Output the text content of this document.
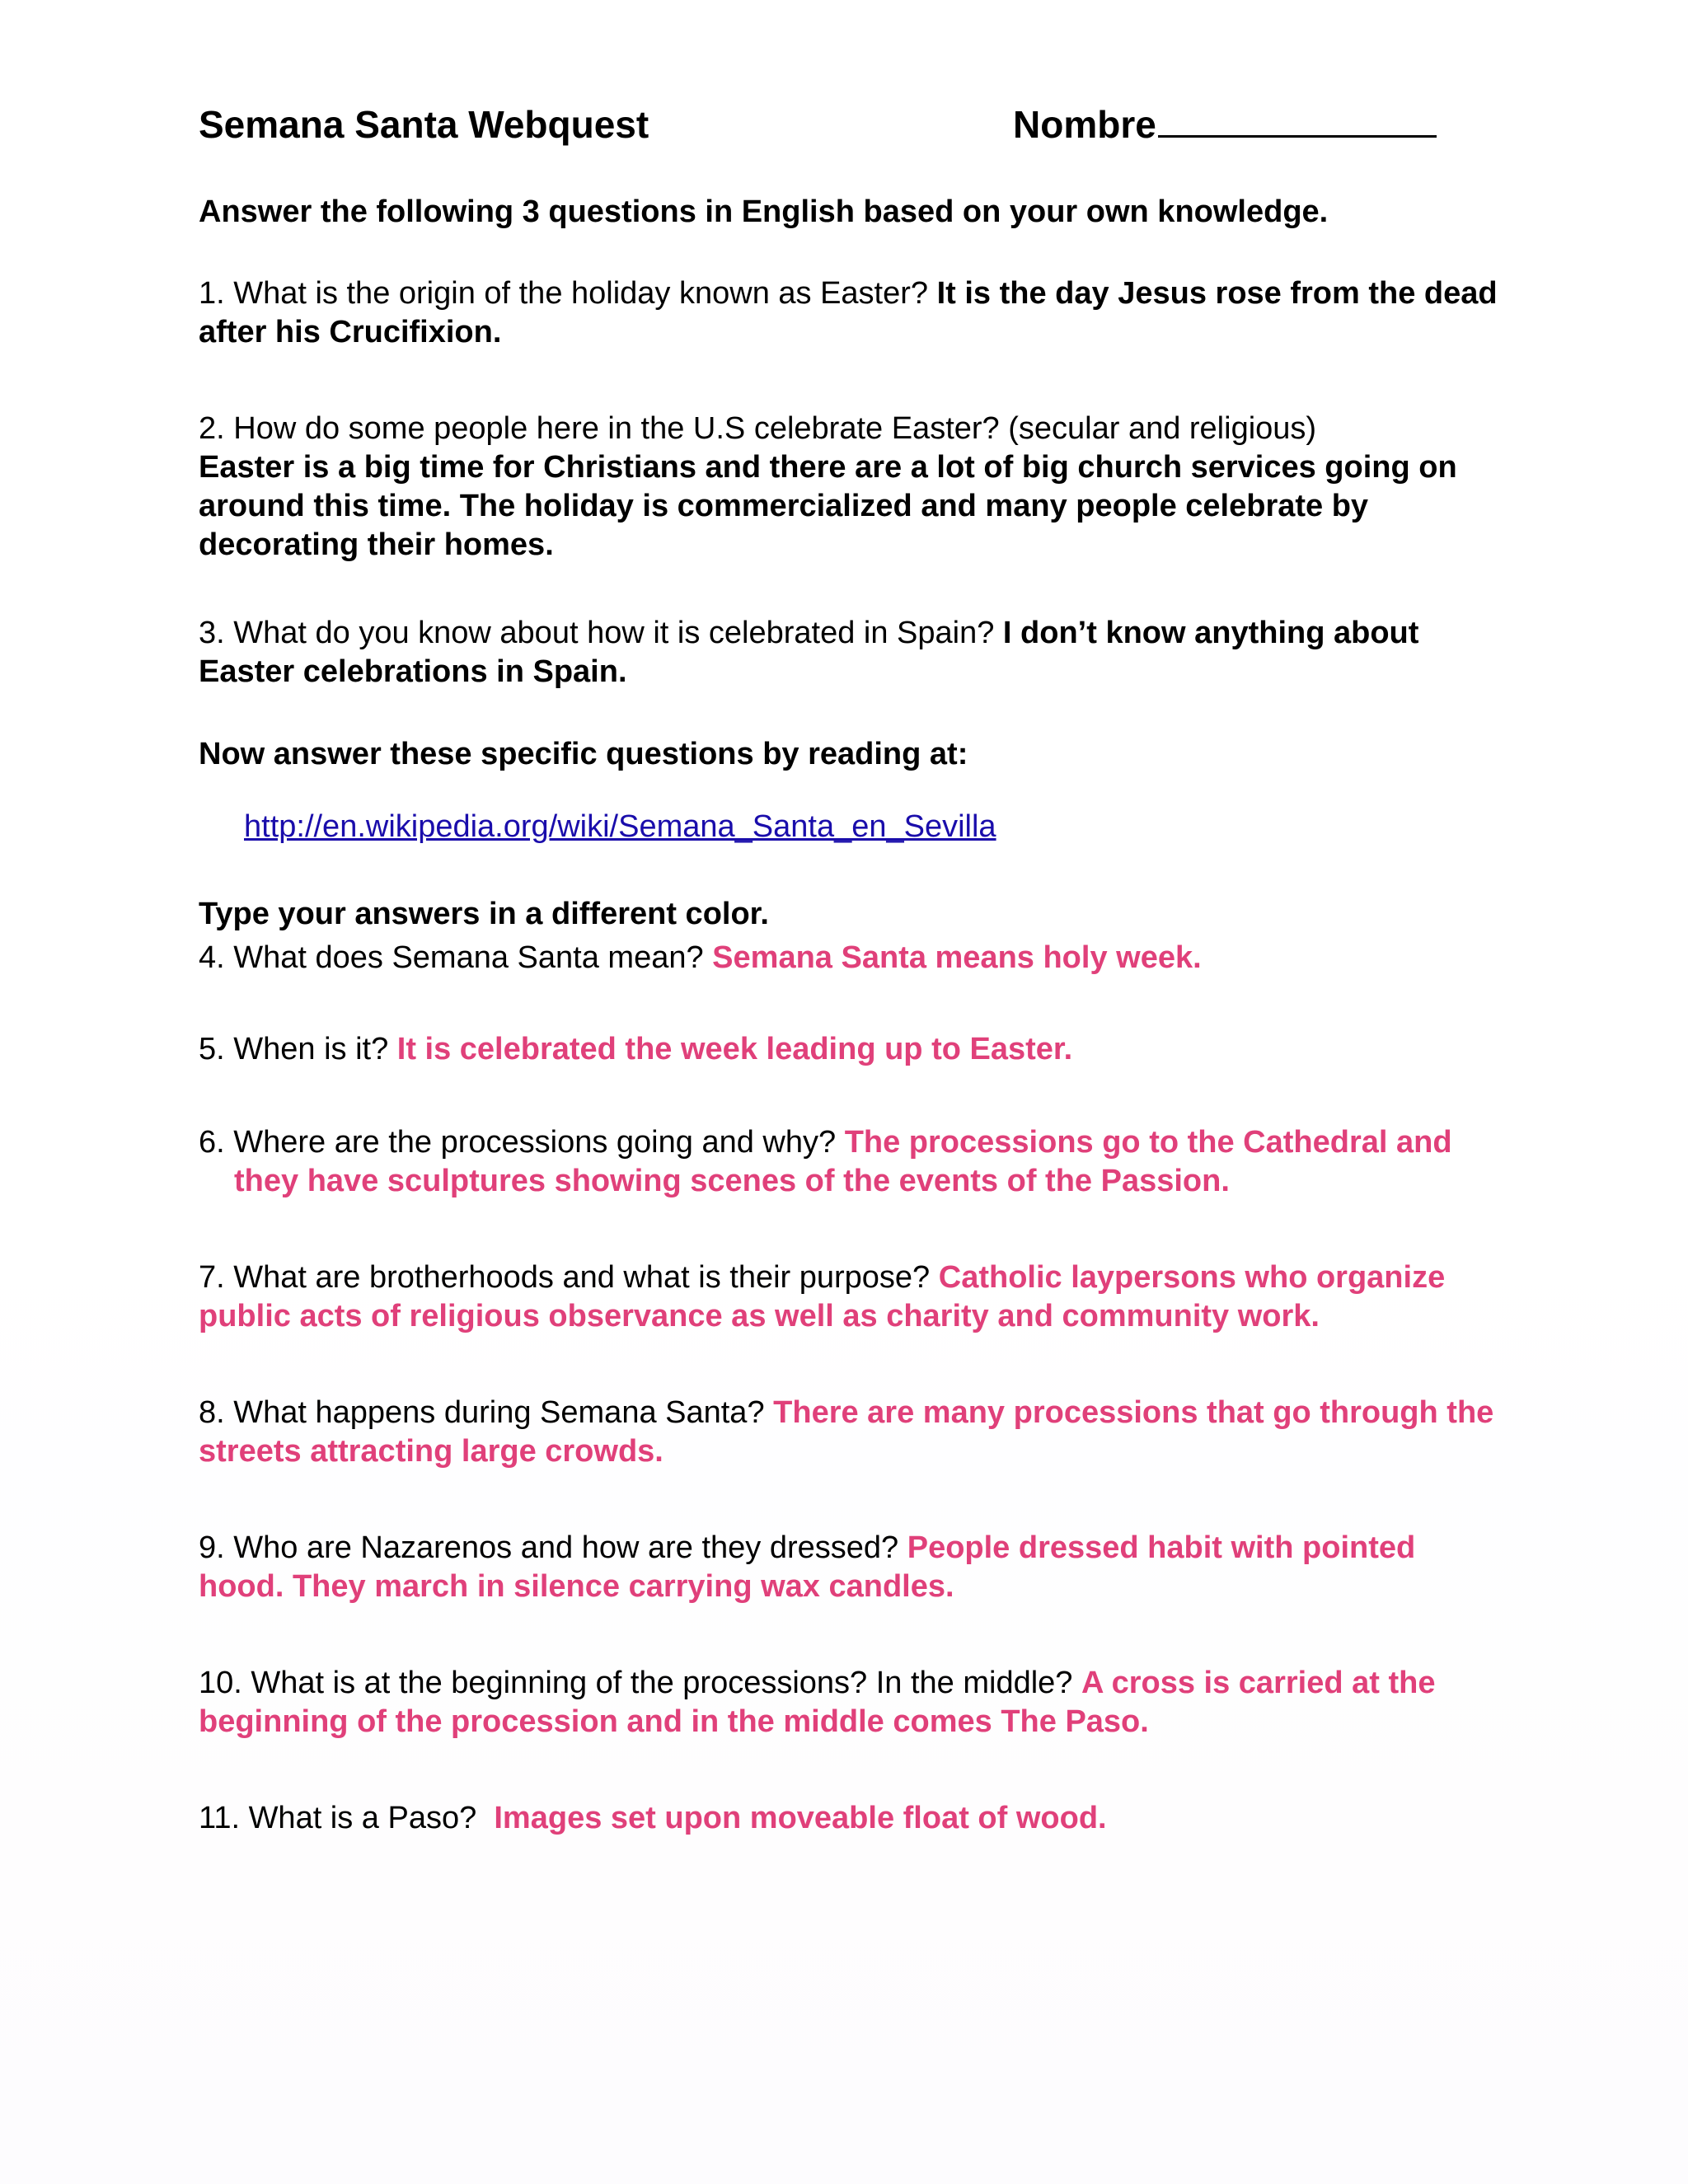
Semana Santa Webquest	Nombre

Answer the following 3 questions in English based on your own knowledge.

1. What is the origin of the holiday known as Easter? It is the day Jesus rose from the dead after his Crucifixion.
2. How do some people here in the U.S celebrate Easter? (secular and religious)
Easter is a big time for Christians and there are a lot of big church services going on around this time. The holiday is commercialized and many people celebrate by decorating their homes.
3. What do you know about how it is celebrated in Spain? I don’t know anything about Easter celebrations in Spain.

Now answer these specific questions by reading at:

http://en.wikipedia.org/wiki/Semana_Santa_en_Sevilla

Type your answers in a different color.

4. What does Semana Santa mean? Semana Santa means holy week.
5. When is it? It is celebrated the week leading up to Easter.
6. Where are the processions going and why? The processions go to the Cathedral and they have sculptures showing scenes of the events of the Passion.
7. What are brotherhoods and what is their purpose? Catholic laypersons who organize public acts of religious observance as well as charity and community work.
8. What happens during Semana Santa? There are many processions that go through the streets attracting large crowds.
9. Who are Nazarenos and how are they dressed? People dressed habit with pointed hood. They march in silence carrying wax candles.
10. What is at the beginning of the processions? In the middle? A cross is carried at the beginning of the procession and in the middle comes The Paso.
11. What is a Paso?  Images set upon moveable float of wood.
